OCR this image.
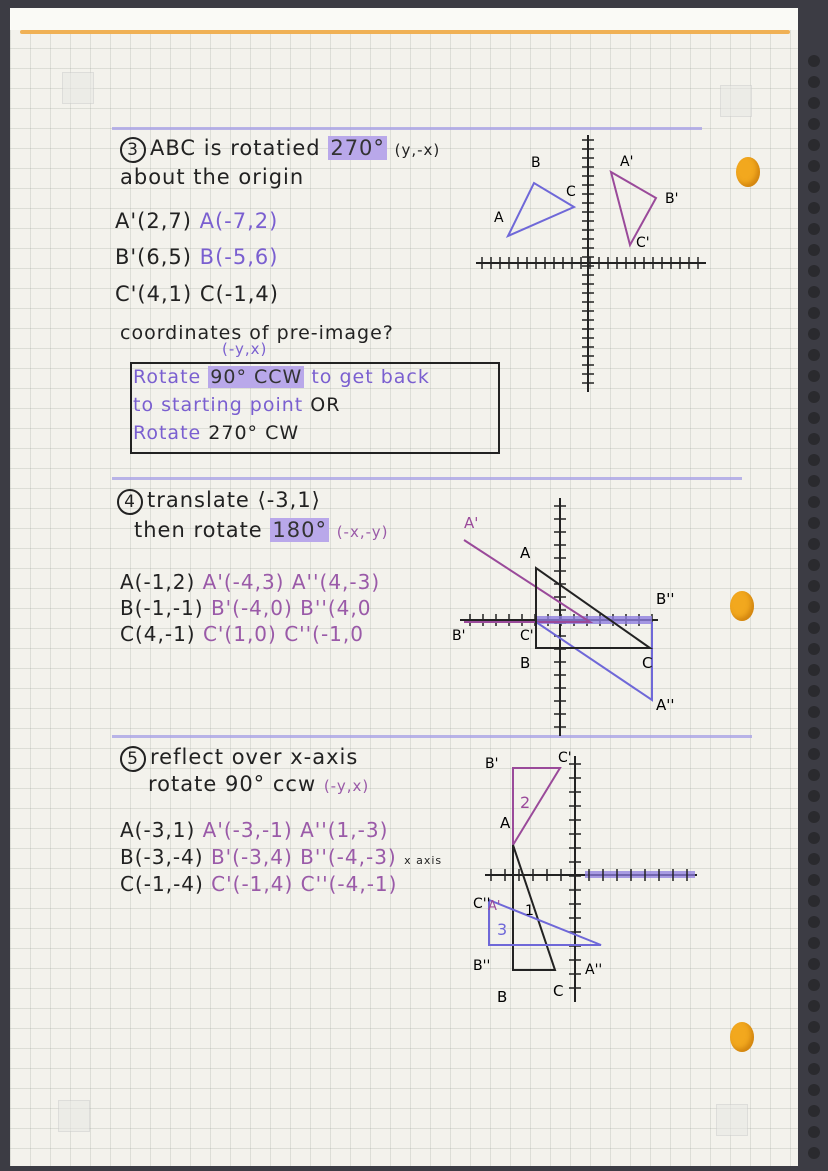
3 ABC is rotatied 270° (y,-x)
about the origin
A'(2,7) A(-7,2)
B'(6,5) B(-5,6)
C'(4,1) C(-1,4)
coordinates of pre-image?
(-y,x)
Rotate 90° CCW to get back
to starting point OR
Rotate 270° CW
A
B
C
A'
B'
C'
4 translate ⟨-3,1⟩
then rotate 180° (-x,-y)
A(-1,2) A'(-4,3) A''(4,-3)
B(-1,-1) B'(-4,0) B''(4,0
C(4,-1) C'(1,0) C''(-1,0
A'
A
B''
C'
B'
B	C
A''
5 reflect over x-axis
rotate 90° ccw (-y,x)
A(-3,1) A'(-3,-1) A''(1,-3)
B(-3,-4) B'(-3,4) B''(-4,-3) x axis
C(-1,-4) C'(-1,4) C''(-4,-1)
B'	C'
2
A
C''
A' 1
3
B''	A''
B	C
